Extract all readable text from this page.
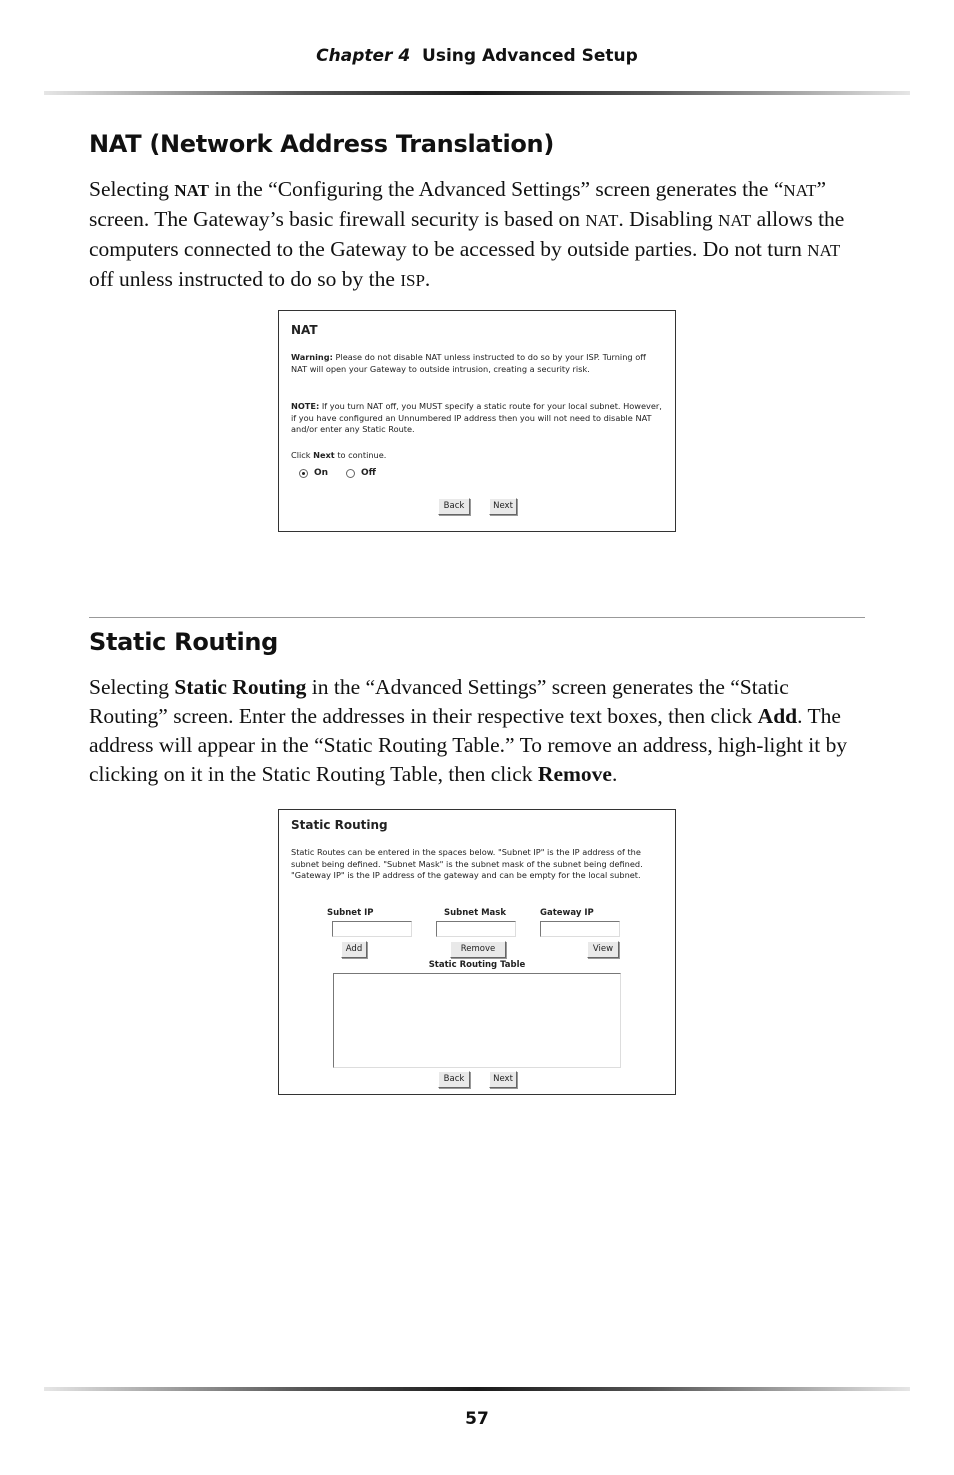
Chapter 4 Using Advanced Setup
NAT (Network Address Translation)

Selecting NAT in the “Configuring the Advanced Settings” screen generates the “NAT” screen. The Gateway’s basic firewall security is based on NAT. Disabling NAT allows the computers connected to the Gateway to be accessed by outside parties. Do not turn NAT off unless instructed to do so by the ISP.

NAT
Warning: Please do not disable NAT unless instructed to do so by your ISP. Turning off NAT will open your Gateway to outside intrusion, creating a security risk.
NOTE: If you turn NAT off, you MUST specify a static route for your local subnet. However, if you have configured an Unnumbered IP address then you will not need to disable NAT and/or enter any Static Route.
Click Next to continue.
On	Off
Back	Next
Static Routing

Selecting Static Routing in the “Advanced Settings” screen generates the “Static Routing” screen. Enter the addresses in their respective text boxes, then click Add. The address will appear in the “Static Routing Table.” To remove an address, high-light it by clicking on it in the Static Routing Table, then click Remove.

Static Routing
Static Routes can be entered in the spaces below. "Subnet IP" is the IP address of the subnet being defined. "Subnet Mask" is the subnet mask of the subnet being defined. "Gateway IP" is the IP address of the gateway and can be empty for the local subnet.
Subnet IP	Subnet Mask	Gateway IP
Add	Remove	View
Static Routing Table
Back	Next
57
